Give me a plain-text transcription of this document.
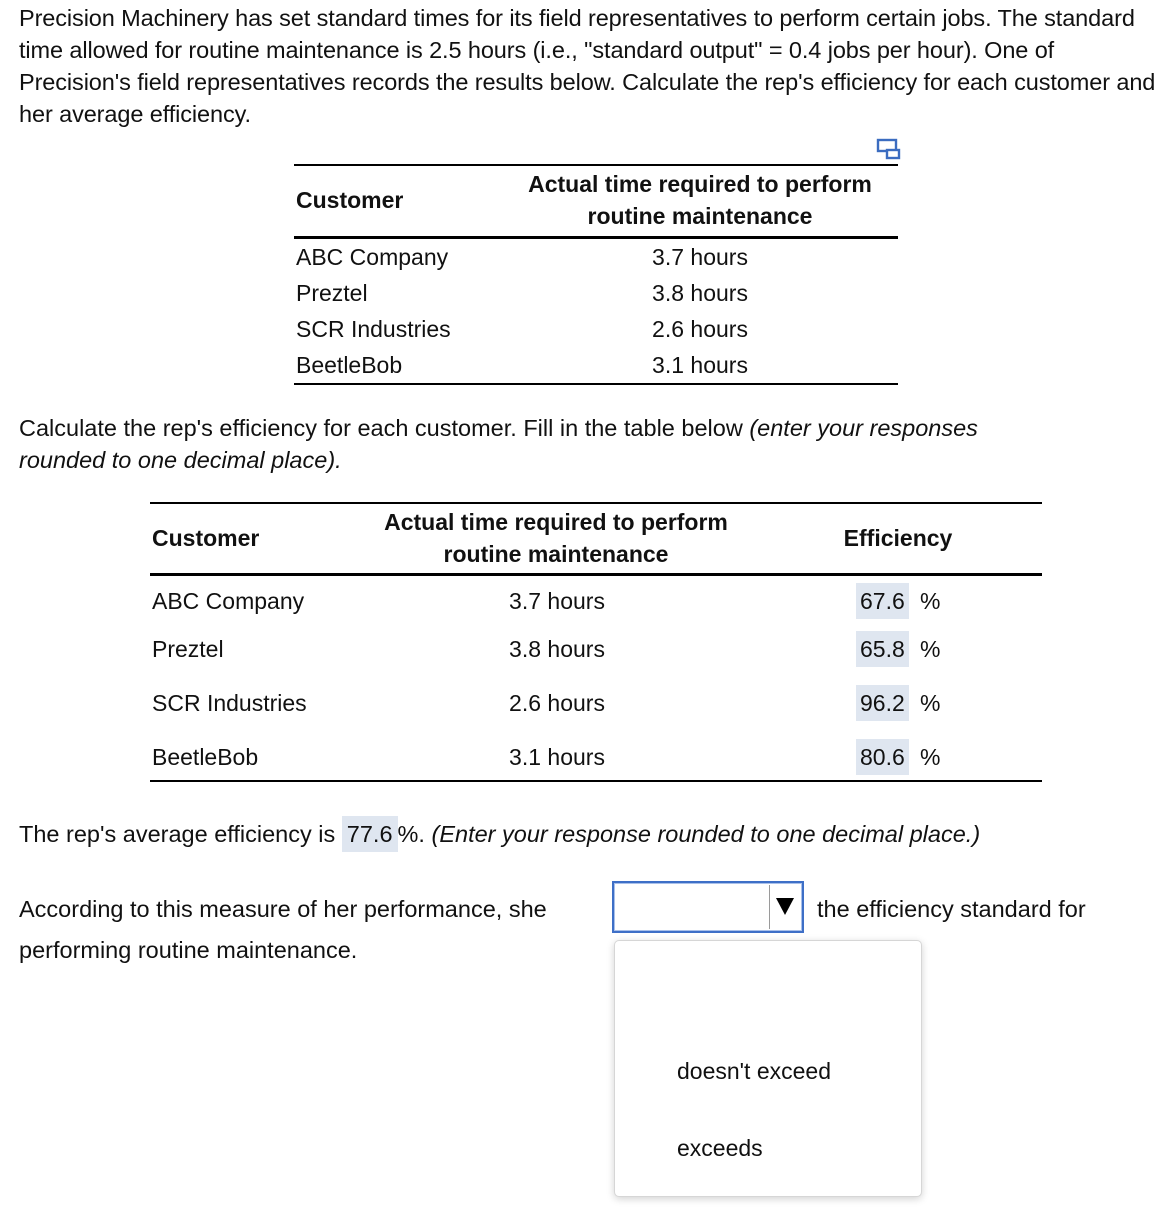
Precision Machinery has set standard times for its field representatives to perform certain jobs. The standard time allowed for routine maintenance is 2.5 hours (i.e., "standard output" = 0.4 jobs per hour). One of Precision's field representatives records the results below. Calculate the rep's efficiency for each customer and her average efficiency.
Customer
Actual time required to perform
routine maintenance
ABC Company	3.7 hours
Preztel	3.8 hours
SCR Industries	2.6 hours
BeetleBob	3.1 hours
Calculate the rep's efficiency for each customer. Fill in the table below (enter your responses
rounded to one decimal place).
Customer
Actual time required to perform
routine maintenance
Efficiency
ABC Company	3.7 hours	67.6 %
Preztel	3.8 hours	65.8 %
SCR Industries	2.6 hours	96.2 %
BeetleBob	3.1 hours	80.6 %
The rep's average efficiency is 77.6 %. (Enter your response rounded to one decimal place.)
According to this measure of her performance, she	the efficiency standard for
performing routine maintenance.
doesn't exceed
exceeds
